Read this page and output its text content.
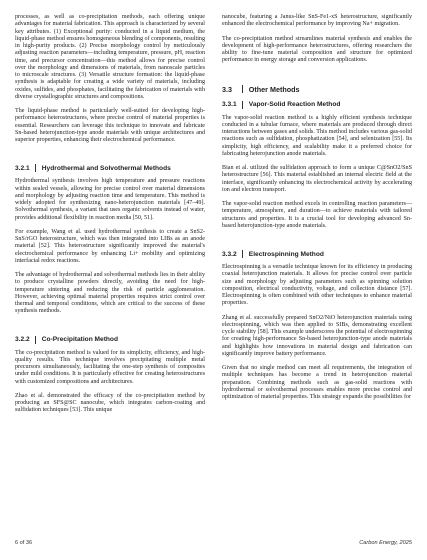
processes, as well as co-precipitation methods, each offering unique advantages for material fabrication. This approach is characterized by several key attributes. (1) Exceptional purity: conducted in a liquid medium, the liquid-phase method ensures homogeneous blending of components, resulting in high-purity products. (2) Precise morphology control by meticulously adjusting reaction parameters—including temperature, pressure, pH, reaction time, and precursor concentration—this method allows for precise control over the morphology and dimensions of materials, from nanoscale particles to microscale structures. (3) Versatile structure formation: the liquid-phase synthesis is adaptable for creating a wide variety of materials, including oxides, sulfides, and phosphates, facilitating the fabrication of materials with diverse crystallographic structures and compositions.

The liquid-phase method is particularly well-suited for developing high-performance heterostructures, where precise control of material properties is essential. Researchers can leverage this technique to innovate and fabricate Sn-based heterojunction-type anode materials with unique architectures and superior properties, enhancing their electrochemical performance.

3.2.1	Hydrothermal and Solvothermal Methods

Hydrothermal synthesis involves high temperature and pressure reactions within sealed vessels, allowing for precise control over material dimensions and morphology by adjusting reaction time and temperature. This method is widely adopted for synthesizing nano-heterojunction materials [47–49]. Solvothermal synthesis, a variant that uses organic solvents instead of water, provides additional flexibility in reaction media [50, 51].

For example, Wang et al. used hydrothermal synthesis to create a SnS2-SnS/rGO heterostructure, which was then integrated into LIBs as an anode material [52]. This heterostructure significantly improved the material's electrochemical performance by enhancing Li+ mobility and optimizing interfacial redox reactions.

The advantage of hydrothermal and solvothermal methods lies in their ability to produce crystalline powders directly, avoiding the need for high-temperature sintering and reducing the risk of particle agglomeration. However, achieving optimal material properties requires strict control over thermal and temporal conditions, which are critical to the success of these synthesis methods.

3.2.2	Co-Precipitation Method

The co-precipitation method is valued for its simplicity, efficiency, and high-quality results. This technique involves precipitating multiple metal precursors simultaneously, facilitating the one-step synthesis of composites under mild conditions. It is particularly effective for creating heterostructures with customized compositions and architectures.

Zhao et al. demonstrated the efficacy of the co-precipitation method by producing an SFS@SC nanocube, which integrates carbon-coating and sulfidation techniques [53]. This unique

nanocube, featuring a Janus-like SnS-Fe1-xS heterostructure, significantly enhanced the electrochemical performance by improving Na+ migration.

The co-precipitation method streamlines material synthesis and enables the development of high-performance heterostructures, offering researchers the ability to fine-tune material composition and structure for optimized performance in energy storage and conversion applications.

3.3	Other Methods
3.3.1	Vapor-Solid Reaction Method

The vapor-solid reaction method is a highly efficient synthesis technique conducted in a tubular furnace, where materials are produced through direct interactions between gases and solids. This method includes various gas-solid reactions such as sulfidation, phosphatization [54], and selenization [55]. Its simplicity, high efficiency, and scalability make it a preferred choice for fabricating heterojunction anode materials.

Bian et al. utilized the sulfidation approach to form a unique C@SnO2/SnS heterostructure [56]. This material established an internal electric field at the interface, significantly enhancing its electrochemical activity by accelerating ion and electron transport.

The vapor-solid reaction method excels in controlling reaction parameters—temperature, atmosphere, and duration—to achieve materials with tailored structures and properties. It is a crucial tool for developing advanced Sn-based heterojunction-type anode materials.

3.3.2	Electrospinning Method

Electrospinning is a versatile technique known for its efficiency in producing coaxial heterojunction materials. It allows for precise control over particle size and morphology by adjusting parameters such as spinning solution composition, electrical conductivity, voltage, and collection distance [57]. Electrospinning is often combined with other techniques to enhance material properties.

Zhang et al. successfully prepared SnO2/NiO heterojunction materials using electrospinning, which was then applied to SIBs, demonstrating excellent cycle stability [58]. This example underscores the potential of electrospinning for creating high-performance Sn-based heterojunction-type anode materials and highlights how innovations in material design and fabrication can significantly improve battery performance.

Given that no single method can meet all requirements, the integration of multiple techniques has become a trend in heterojunction material preparation. Combining methods such as gas-solid reactions with hydrothermal or solvothermal processes enables more precise control and optimization of material properties. This strategy expands the possibilities for

6 of 36	Carbon Energy, 2025
